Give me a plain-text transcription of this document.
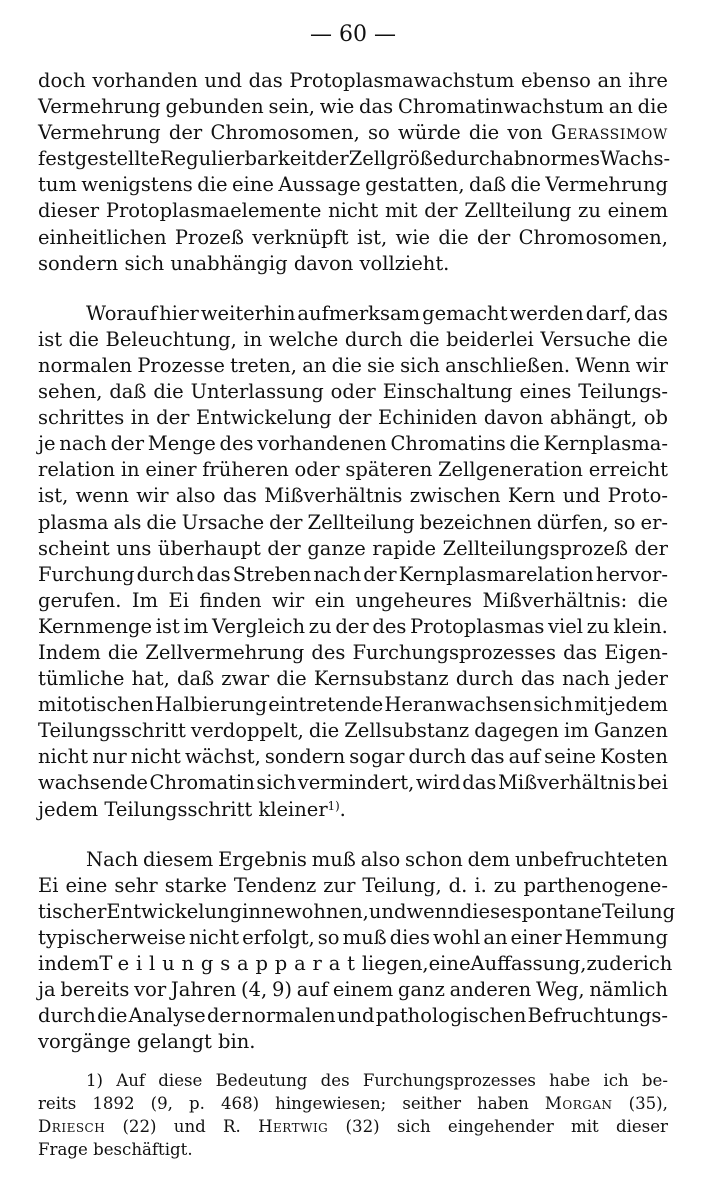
— 60 —
doch vorhanden und das Protoplasmawachstum ebenso an ihre
Vermehrung gebunden sein, wie das Chromatinwachstum an die
Vermehrung der Chromosomen, so würde die von Gerassimow
festgestellte Regulierbarkeit der Zellgröße durch abnormes Wachs-
tum wenigstens die eine Aussage gestatten, daß die Vermehrung
dieser Protoplasmaelemente nicht mit der Zellteilung zu einem
einheitlichen Prozeß verknüpft ist, wie die der Chromosomen,
sondern sich unabhängig davon vollzieht.
Worauf hier weiterhin aufmerksam gemacht werden darf, das
ist die Beleuchtung, in welche durch die beiderlei Versuche die
normalen Prozesse treten, an die sie sich anschließen. Wenn wir
sehen, daß die Unterlassung oder Einschaltung eines Teilungs-
schrittes in der Entwickelung der Echiniden davon abhängt, ob
je nach der Menge des vorhandenen Chromatins die Kernplasma-
relation in einer früheren oder späteren Zellgeneration erreicht
ist, wenn wir also das Mißverhältnis zwischen Kern und Proto-
plasma als die Ursache der Zellteilung bezeichnen dürfen, so er-
scheint uns überhaupt der ganze rapide Zellteilungsprozeß der
Furchung durch das Streben nach der Kernplasmarelation hervor-
gerufen. Im Ei finden wir ein ungeheures Mißverhältnis: die
Kernmenge ist im Vergleich zu der des Protoplasmas viel zu klein.
Indem die Zellvermehrung des Furchungsprozesses das Eigen-
tümliche hat, daß zwar die Kernsubstanz durch das nach jeder
mitotischen Halbierung eintretende Heranwachsen sich mit jedem
Teilungsschritt verdoppelt, die Zellsubstanz dagegen im Ganzen
nicht nur nicht wächst, sondern sogar durch das auf seine Kosten
wachsende Chromatin sich vermindert, wird das Mißverhältnis bei
jedem Teilungsschritt kleiner$^{1)}$.
Nach diesem Ergebnis muß also schon dem unbefruchteten
Ei eine sehr starke Tendenz zur Teilung, d. i. zu parthenogene-
tischer Entwickelung innewohnen, und wenn diese spontane Teilung
typischerweise nicht erfolgt, so muß dies wohl an einer Hemmung
in dem Teilungsapparat liegen, eine Auffassung, zu der ich
ja bereits vor Jahren (4, 9) auf einem ganz anderen Weg, nämlich
durch die Analyse der normalen und pathologischen Befruchtungs-
vorgänge gelangt bin.
1) Auf diese Bedeutung des Furchungsprozesses habe ich be-
reits 1892 (9, p. 468) hingewiesen; seither haben Morgan (35),
Driesch (22) und R. Hertwig (32) sich eingehender mit dieser
Frage beschäftigt.
